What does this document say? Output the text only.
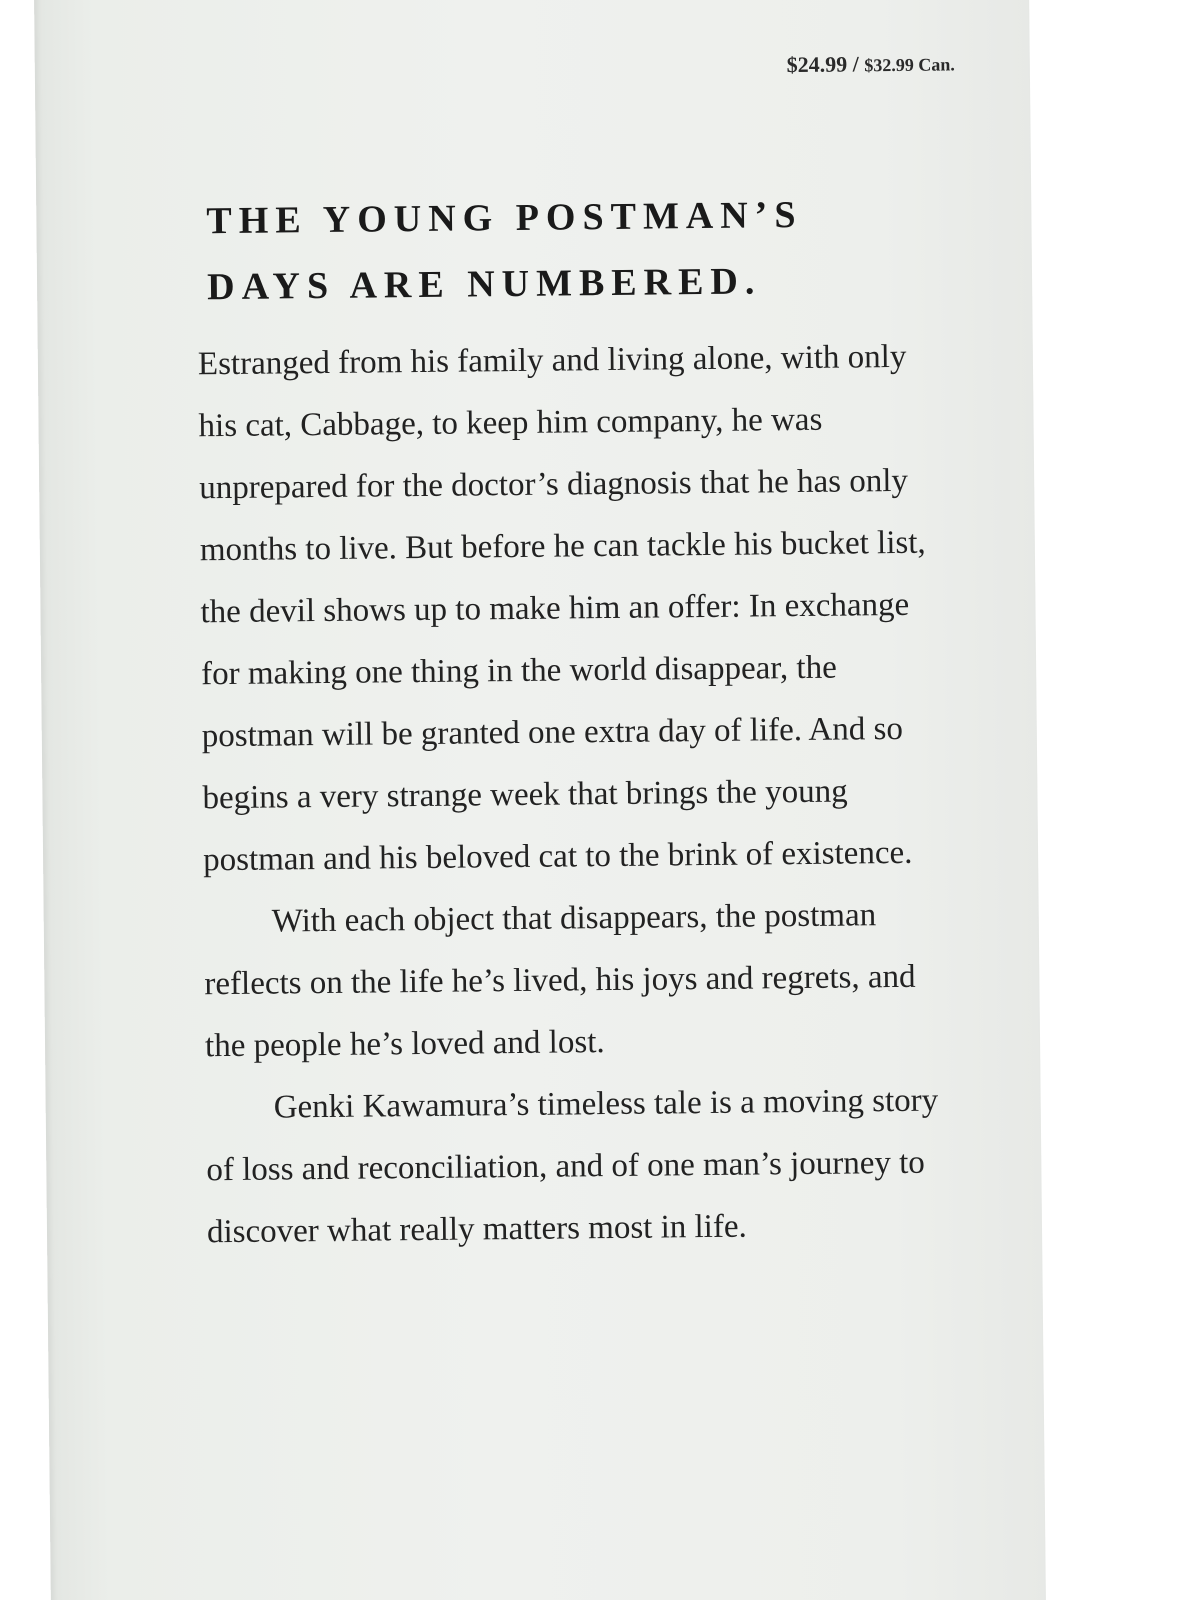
$24.99 / $32.99 Can.
THE YOUNG POSTMAN’S DAYS ARE NUMBERED.

Estranged from his family and living alone, with only his cat, Cabbage, to keep him company, he was unprepared for the doctor’s diagnosis that he has only months to live. But before he can tackle his bucket list, the devil shows up to make him an offer: In exchange for making one thing in the world disappear, the postman will be granted one extra day of life. And so begins a very strange week that brings the young postman and his beloved cat to the brink of existence.

With each object that disappears, the postman reflects on the life he’s lived, his joys and regrets, and the people he’s loved and lost.

Genki Kawamura’s timeless tale is a moving story of loss and reconciliation, and of one man’s journey to discover what really matters most in life.
